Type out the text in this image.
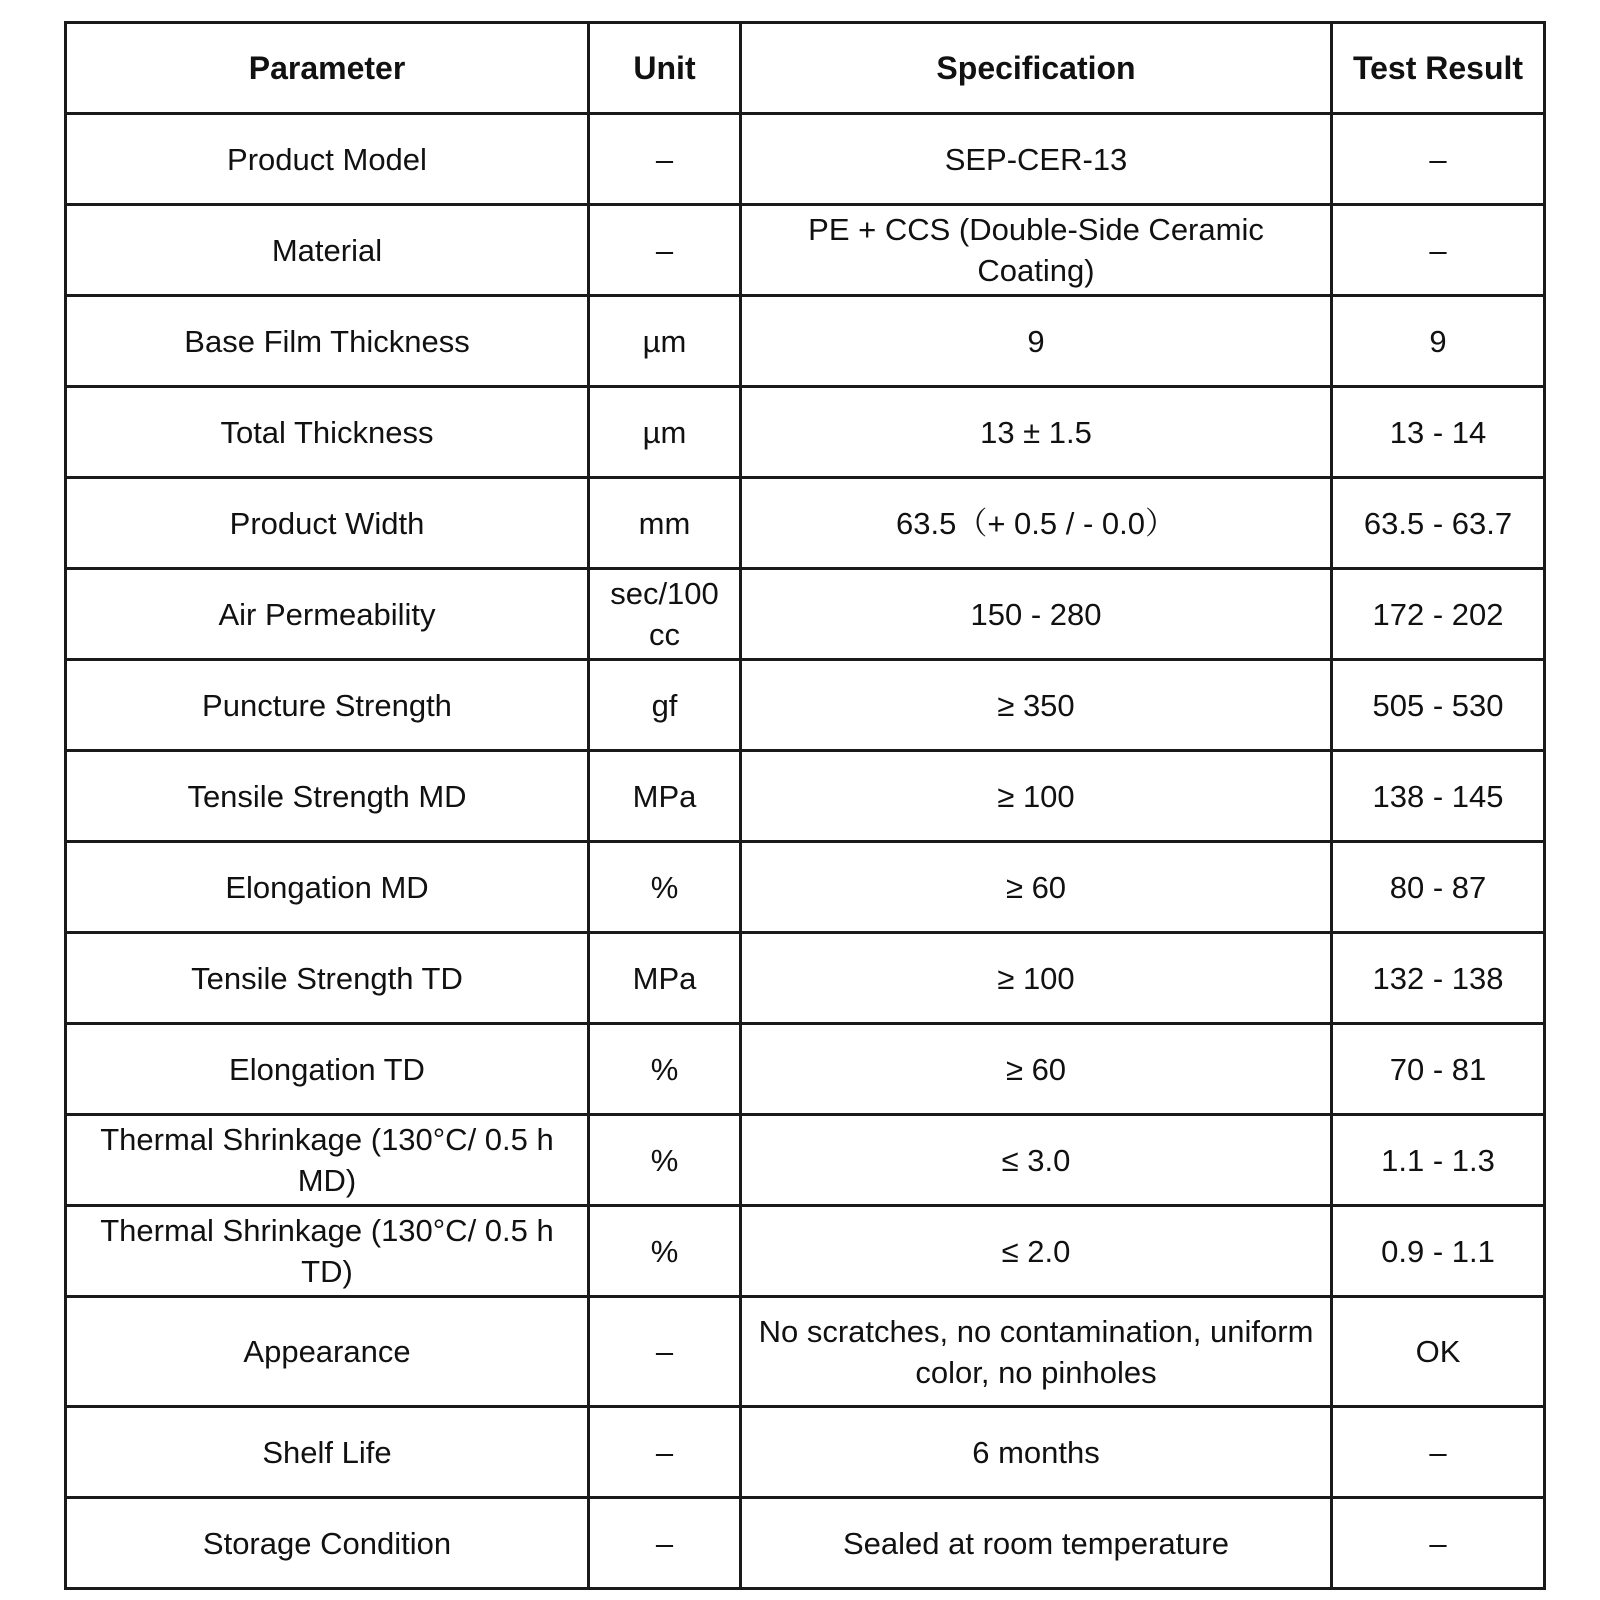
Parameter	Unit	Specification	Test Result
Product Model	–	SEP-CER-13	–
Material	–	PE + CCS (Double-Side Ceramic Coating)	–
Base Film Thickness	µm	9	9
Total Thickness	µm	13 ± 1.5	13 - 14
Product Width	mm	63.5（+ 0.5 / - 0.0）	63.5 - 63.7
Air Permeability	sec/100 cc	150 - 280	172 - 202
Puncture Strength	gf	≥ 350	505 - 530
Tensile Strength MD	MPa	≥ 100	138 - 145
Elongation MD	%	≥ 60	80 - 87
Tensile Strength TD	MPa	≥ 100	132 - 138
Elongation TD	%	≥ 60	70 - 81
Thermal Shrinkage (130°C/ 0.5 h MD)	%	≤ 3.0	1.1 - 1.3
Thermal Shrinkage (130°C/ 0.5 h TD)	%	≤ 2.0	0.9 - 1.1
Appearance	–	No scratches, no contamination, uniform color, no pinholes	OK
Shelf Life	–	6 months	–
Storage Condition	–	Sealed at room temperature	–
